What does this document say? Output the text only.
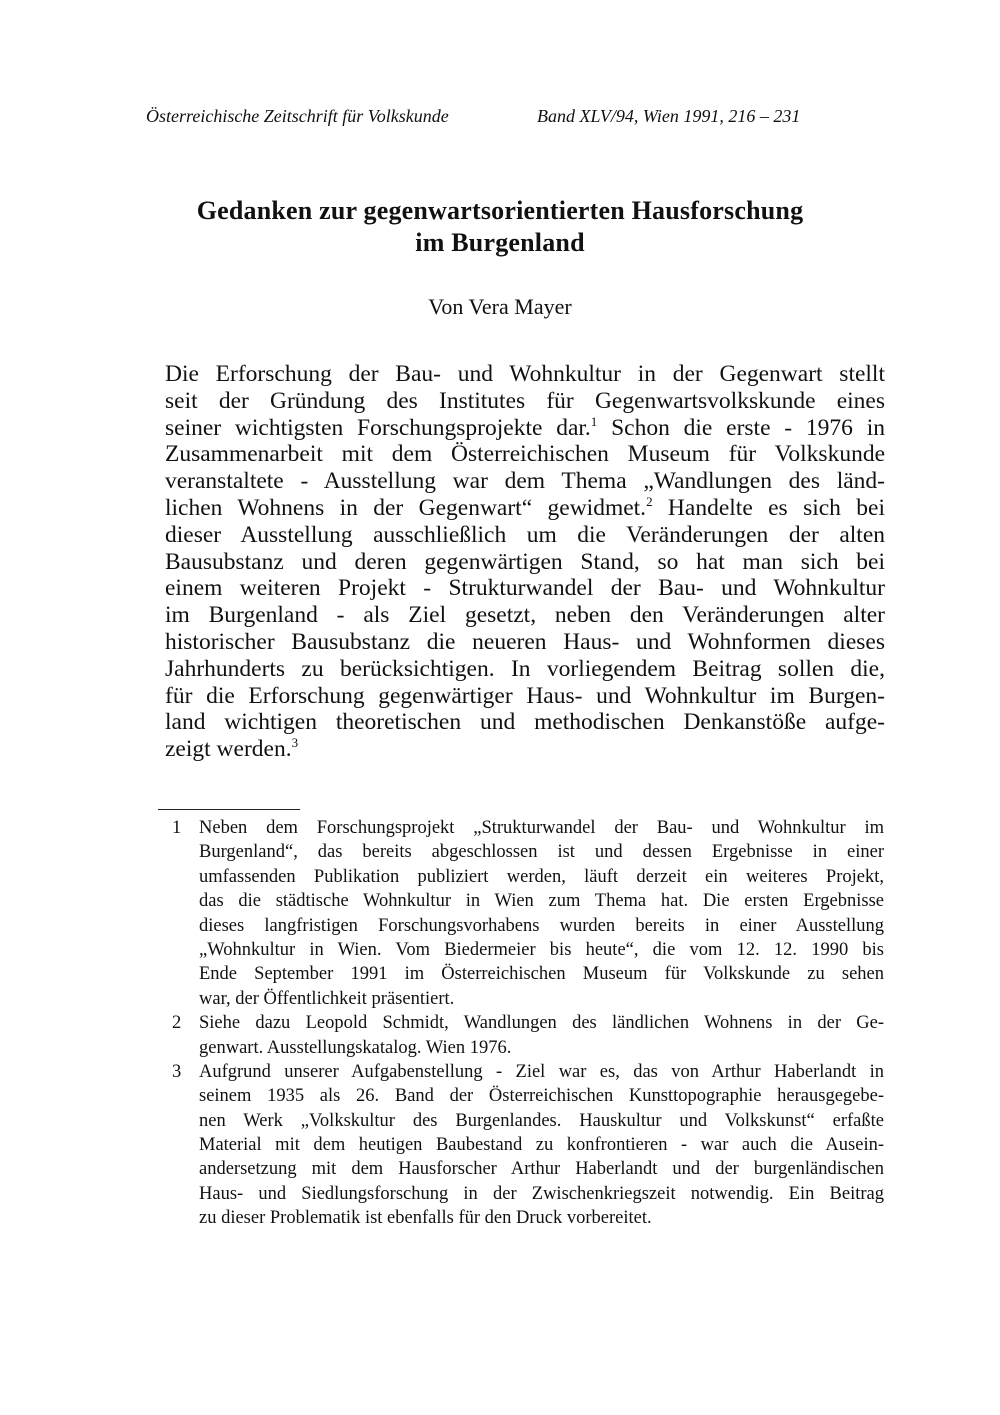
Österreichische Zeitschrift für Volkskunde	Band XLV/94, Wien 1991, 216 – 231
Gedanken zur gegenwartsorientierten Hausforschung
im Burgenland
Von Vera Mayer
Die Erforschung der Bau- und Wohnkultur in der Gegenwart stellt
seit der Gründung des Institutes für Gegenwartsvolkskunde eines
seiner wichtigsten Forschungsprojekte dar.$^1$ Schon die erste - 1976 in
Zusammenarbeit mit dem Österreichischen Museum für Volkskunde
veranstaltete - Ausstellung war dem Thema „Wandlungen des länd-
lichen Wohnens in der Gegenwart“ gewidmet.$^2$ Handelte es sich bei
dieser Ausstellung ausschließlich um die Veränderungen der alten
Bausubstanz und deren gegenwärtigen Stand, so hat man sich bei
einem weiteren Projekt - Strukturwandel der Bau- und Wohnkultur
im Burgenland - als Ziel gesetzt, neben den Veränderungen alter
historischer Bausubstanz die neueren Haus- und Wohnformen dieses
Jahrhunderts zu berücksichtigen. In vorliegendem Beitrag sollen die,
für die Erforschung gegenwärtiger Haus- und Wohnkultur im Burgen-
land wichtigen theoretischen und methodischen Denkanstöße aufge-
zeigt werden.$^3$
1 Neben dem Forschungsprojekt „Strukturwandel der Bau- und Wohnkultur im
Burgenland“, das bereits abgeschlossen ist und dessen Ergebnisse in einer
umfassenden Publikation publiziert werden, läuft derzeit ein weiteres Projekt,
das die städtische Wohnkultur in Wien zum Thema hat. Die ersten Ergebnisse
dieses langfristigen Forschungsvorhabens wurden bereits in einer Ausstellung
„Wohnkultur in Wien. Vom Biedermeier bis heute“, die vom 12. 12. 1990 bis
Ende September 1991 im Österreichischen Museum für Volkskunde zu sehen
war, der Öffentlichkeit präsentiert.
2 Siehe dazu Leopold Schmidt, Wandlungen des ländlichen Wohnens in der Ge-
genwart. Ausstellungskatalog. Wien 1976.
3 Aufgrund unserer Aufgabenstellung - Ziel war es, das von Arthur Haberlandt in
seinem 1935 als 26. Band der Österreichischen Kunsttopographie herausgegebe-
nen Werk „Volkskultur des Burgenlandes. Hauskultur und Volkskunst“ erfaßte
Material mit dem heutigen Baubestand zu konfrontieren - war auch die Ausein-
andersetzung mit dem Hausforscher Arthur Haberlandt und der burgenländischen
Haus- und Siedlungsforschung in der Zwischenkriegszeit notwendig. Ein Beitrag
zu dieser Problematik ist ebenfalls für den Druck vorbereitet.
